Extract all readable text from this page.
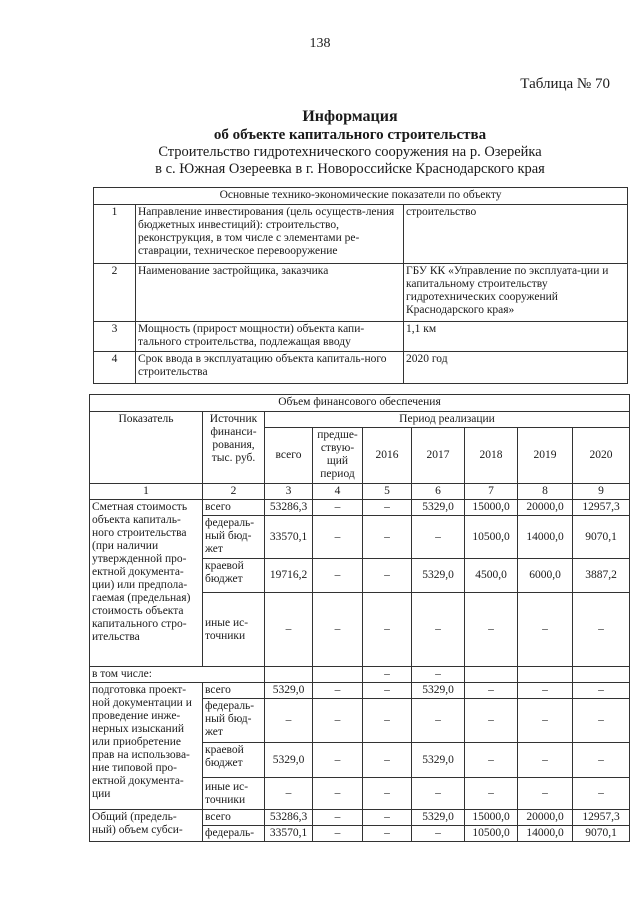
138
Таблица № 70
Информация
об объекте капитального строительства
Строительство гидротехнического сооружения на р. Озерейка
в с. Южная Озереевка в г. Новороссийске Краснодарского края
Основные технико-экономические показатели по объекту		
1	Направление инвестирования (цель осуществ-ления бюджетных инвестиций): строительство, реконструкция, в том числе с элементами ре-ставрации, техническое перевооружение	строительство
2	Наименование застройщика, заказчика	ГБУ КК «Управление по эксплуата-ции и капитальному строительству гидротехнических сооружений Краснодарского края»
3	Мощность (прирост мощности) объекта капи-тального строительства, подлежащая вводу	1,1 км
4	Срок ввода в эксплуатацию объекта капиталь-ного строительства	2020 год
Объем финансового обеспечения								
Показатель	Источник финанси-рования, тыс. руб.	Период реализации						
		всего	предше-ствую-щий период	2016	2017	2018	2019	2020
1	2	3	4	5	6	7	8	9
Сметная стоимость объекта капиталь-ного строительства (при наличии утвержденной про-ектной документа-ции) или предпола-гаемая (предельная) стоимость объекта капитального стро-ительства	всего	53286,3	–	–	5329,0	15000,0	20000,0	12957,3
	федераль-ный бюд-жет	33570,1	–	–	–	10500,0	14000,0	9070,1
	краевой бюджет	19716,2	–	–	5329,0	4500,0	6000,0	3887,2
	иные ис-точники	–	–	–	–	–	–	–
в том числе:				–	–			
подготовка проект-ной документации и проведение инже-нерных изысканий или приобретение прав на использова-ние типовой про-ектной документа-ции	всего	5329,0	–	–	5329,0	–	–	–
	федераль-ный бюд-жет	–	–	–	–	–	–	–
	краевой бюджет	5329,0	–	–	5329,0	–	–	–
	иные ис-точники	–	–	–	–	–	–	–
Общий (предель-ный) объем субси-	всего	53286,3	–	–	5329,0	15000,0	20000,0	12957,3
	федераль-	33570,1	–	–	–	10500,0	14000,0	9070,1
